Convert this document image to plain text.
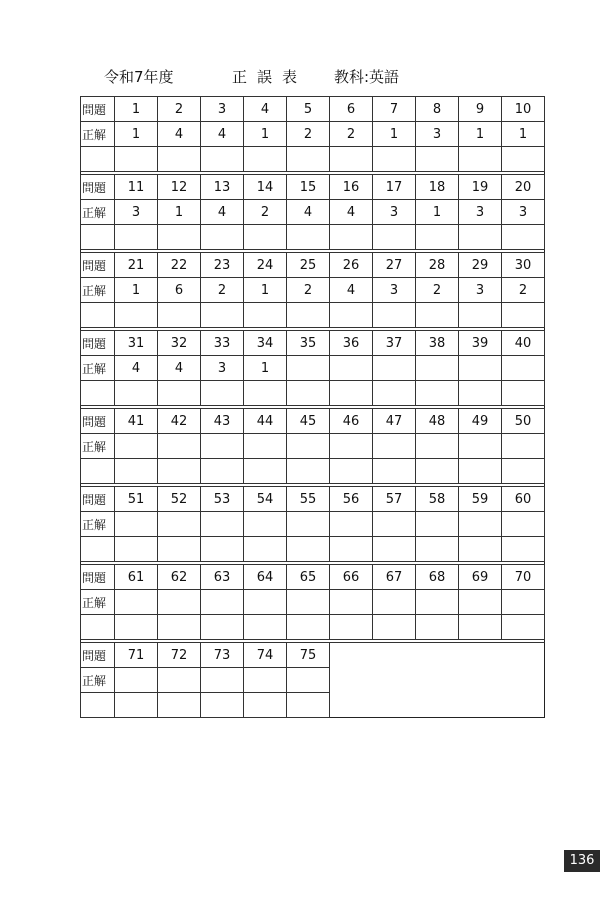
令和7年度	正誤表 教科:英語
問題	1	2	3	4	5	6	7	8	9	10
正解	1	4	4	1	2	2	1	3	1	1

問題	11	12	13	14	15	16	17	18	19	20
正解	3	1	4	2	4	4	3	1	3	3

問題	21	22	23	24	25	26	27	28	29	30
正解	1	6	2	1	2	4	3	2	3	2

問題	31	32	33	34	35	36	37	38	39	40
正解	4	4	3	1						

問題	41	42	43	44	45	46	47	48	49	50
正解										

問題	51	52	53	54	55	56	57	58	59	60
正解										

問題	61	62	63	64	65	66	67	68	69	70
正解										

問題	71	72	73	74	75					
正解										

136
